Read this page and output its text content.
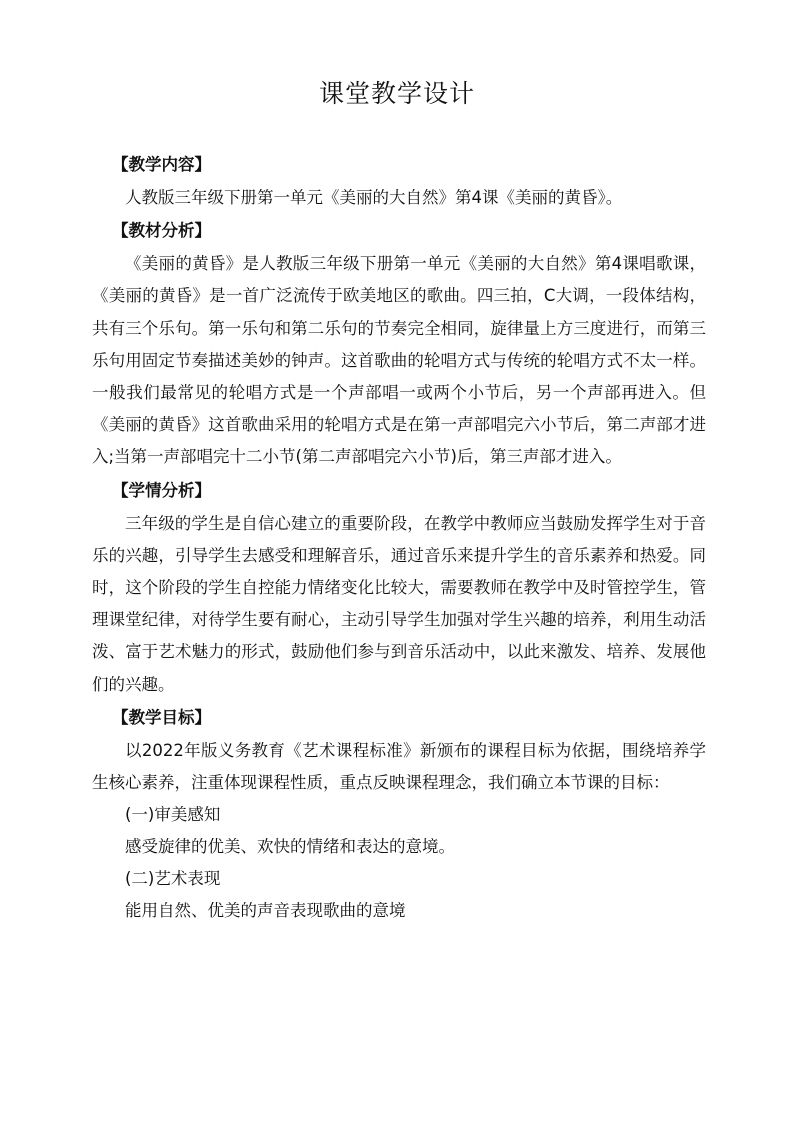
课堂教学设计
【教学内容】

人教版三年级下册第一单元《美丽的大自然》第4课《美丽的黄昏》。

【教材分析】

《美丽的黄昏》是人教版三年级下册第一单元《美丽的大自然》第4课唱歌课，《美丽的黄昏》是一首广泛流传于欧美地区的歌曲。四三拍，C大调，一段体结构，共有三个乐句。第一乐句和第二乐句的节奏完全相同，旋律量上方三度进行，而第三乐句用固定节奏描述美妙的钟声。这首歌曲的轮唱方式与传统的轮唱方式不太一样。一般我们最常见的轮唱方式是一个声部唱一或两个小节后，另一个声部再进入。但《美丽的黄昏》这首歌曲采用的轮唱方式是在第一声部唱完六小节后，第二声部才进入;当第一声部唱完十二小节(第二声部唱完六小节)后，第三声部才进入。

【学情分析】

三年级的学生是自信心建立的重要阶段，在教学中教师应当鼓励发挥学生对于音乐的兴趣，引导学生去感受和理解音乐，通过音乐来提升学生的音乐素养和热爱。同时，这个阶段的学生自控能力情绪变化比较大，需要教师在教学中及时管控学生，管理课堂纪律，对待学生要有耐心，主动引导学生加强对学生兴趣的培养，利用生动活泼、富于艺术魅力的形式，鼓励他们参与到音乐活动中，以此来激发、培养、发展他们的兴趣。

【教学目标】

以2022年版义务教育《艺术课程标准》新颁布的课程目标为依据，围绕培养学生核心素养，注重体现课程性质，重点反映课程理念，我们确立本节课的目标：

(一)审美感知

感受旋律的优美、欢快的情绪和表达的意境。

(二)艺术表现

能用自然、优美的声音表现歌曲的意境
